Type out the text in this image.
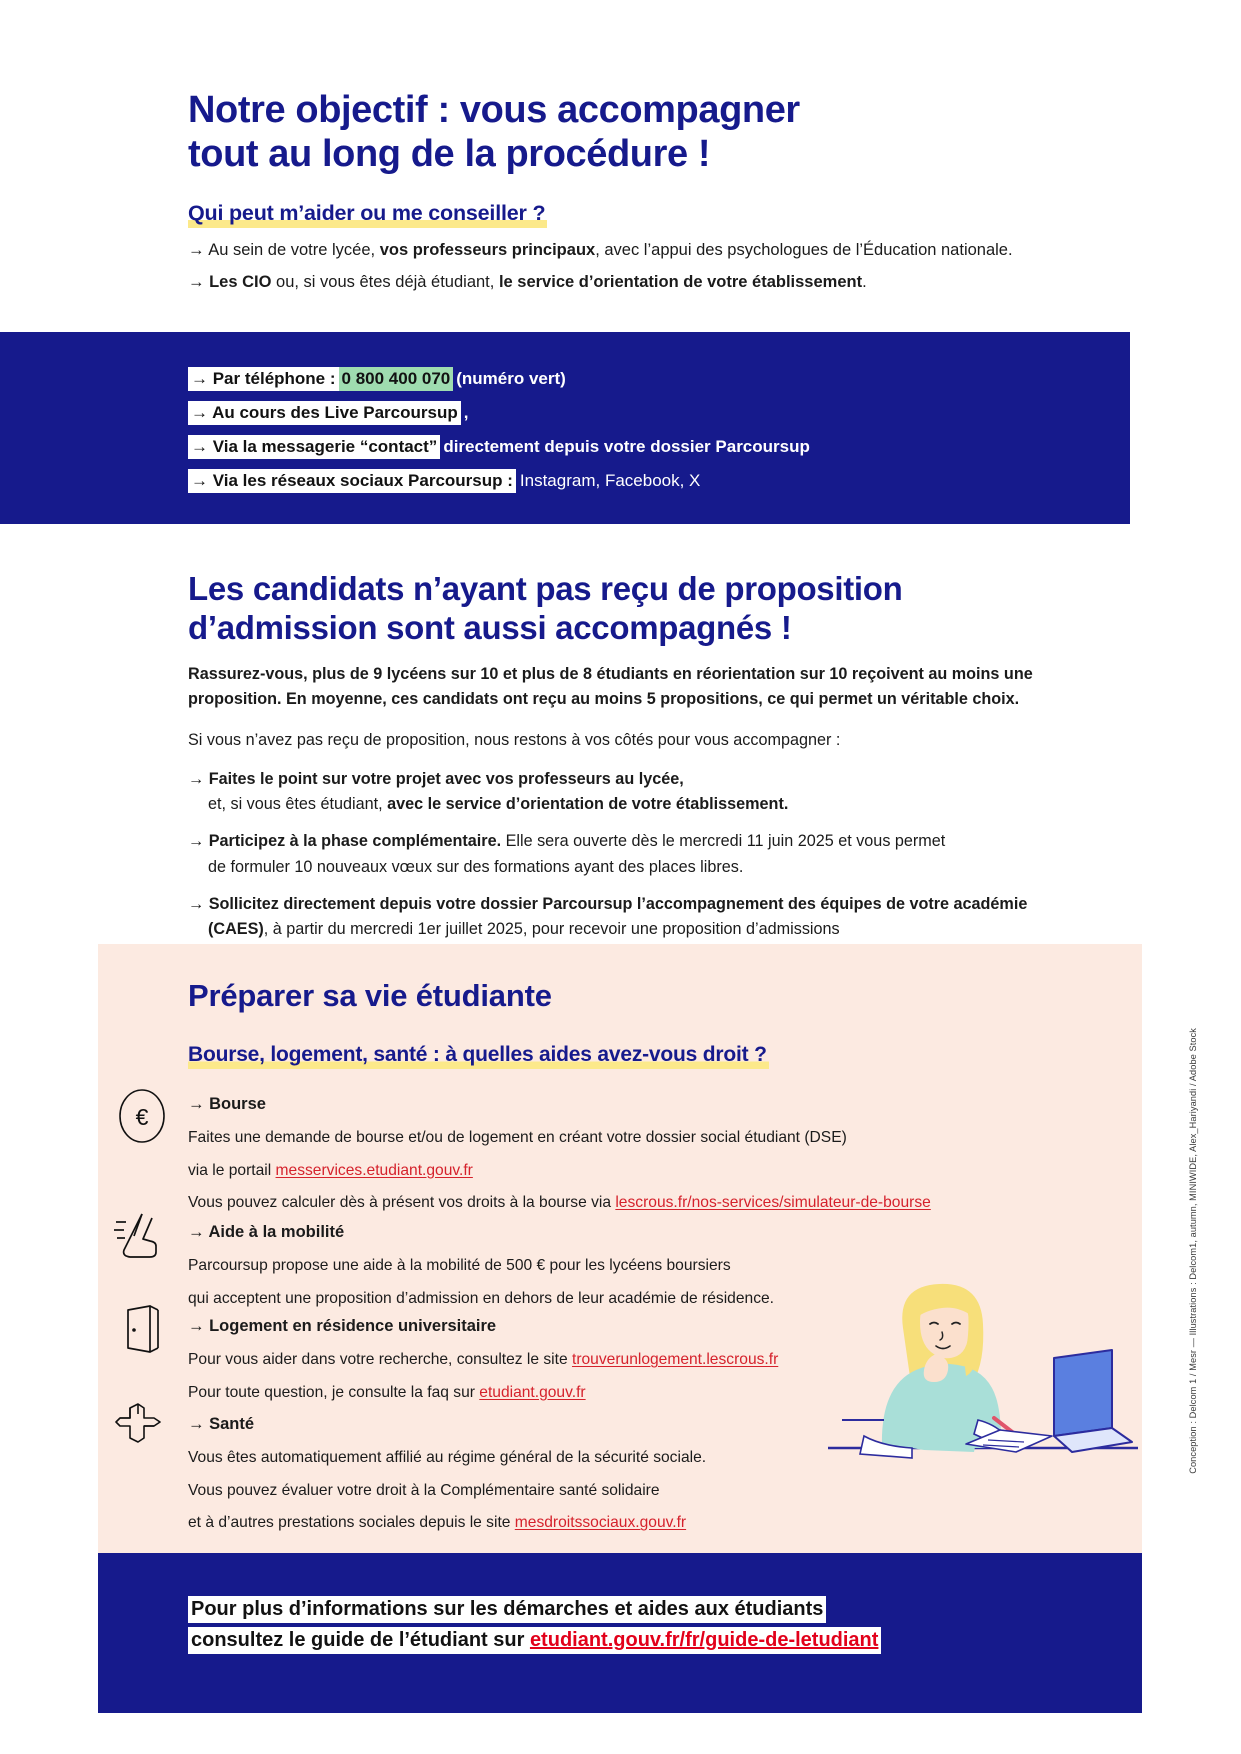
Notre objectif : vous accompagner
tout au long de la procédure !
Qui peut m’aider ou me conseiller ?

→ Au sein de votre lycée, vos professeurs principaux, avec l’appui des psychologues de l’Éducation nationale.

→ Les CIO ou, si vous êtes déjà étudiant, le service d’orientation de votre établissement.

→ Par téléphone : 0 800 400 070 (numéro vert)
→ Au cours des Live Parcoursup ,
→ Via la messagerie “contact” directement depuis votre dossier Parcoursup
→ Via les réseaux sociaux Parcoursup : Instagram, Facebook, X
Les candidats n’ayant pas reçu de proposition
d’admission sont aussi accompagnés !

Rassurez-vous, plus de 9 lycéens sur 10 et plus de 8 étudiants en réorientation sur 10 reçoivent au moins une proposition. En moyenne, ces candidats ont reçu au moins 5 propositions, ce qui permet un véritable choix.

Si vous n’avez pas reçu de proposition, nous restons à vos côtés pour vous accompagner :

→ Faites le point sur votre projet avec vos professeurs au lycée,
et, si vous êtes étudiant, avec le service d’orientation de votre établissement.

→ Participez à la phase complémentaire. Elle sera ouverte dès le mercredi 11 juin 2025 et vous permet
de formuler 10 nouveaux vœux sur des formations ayant des places libres.

→ Sollicitez directement depuis votre dossier Parcoursup l’accompagnement des équipes de votre académie
(CAES), à partir du mercredi 1er juillet 2025, pour recevoir une proposition d’admissions

Préparer sa vie étudiante
Bourse, logement, santé : à quelles aides avez-vous droit ?
€ → Bourse

Faites une demande de bourse et/ou de logement en créant votre dossier social étudiant (DSE)

via le portail messervices.etudiant.gouv.fr

Vous pouvez calculer dès à présent vos droits à la bourse via lescrous.fr/nos-services/simulateur-de-bourse

→ Aide à la mobilité

Parcoursup propose une aide à la mobilité de 500 € pour les lycéens boursiers

qui acceptent une proposition d’admission en dehors de leur académie de résidence.

→ Logement en résidence universitaire

Pour vous aider dans votre recherche, consultez le site trouverunlogement.lescrous.fr

Pour toute question, je consulte la faq sur etudiant.gouv.fr

→ Santé

Vous êtes automatiquement affilié au régime général de la sécurité sociale.

Vous pouvez évaluer votre droit à la Complémentaire santé solidaire

et à d’autres prestations sociales depuis le site mesdroitssociaux.gouv.fr

Pour plus d’informations sur les démarches et aides aux étudiants
consultez le guide de l’étudiant sur etudiant.gouv.fr/fr/guide-de-letudiant
Conception : Delcom 1 / Mesr — Illustrations : Delcom1, autumn, MINIWIDE, Alex_Hariyandi / Adobe Stock
